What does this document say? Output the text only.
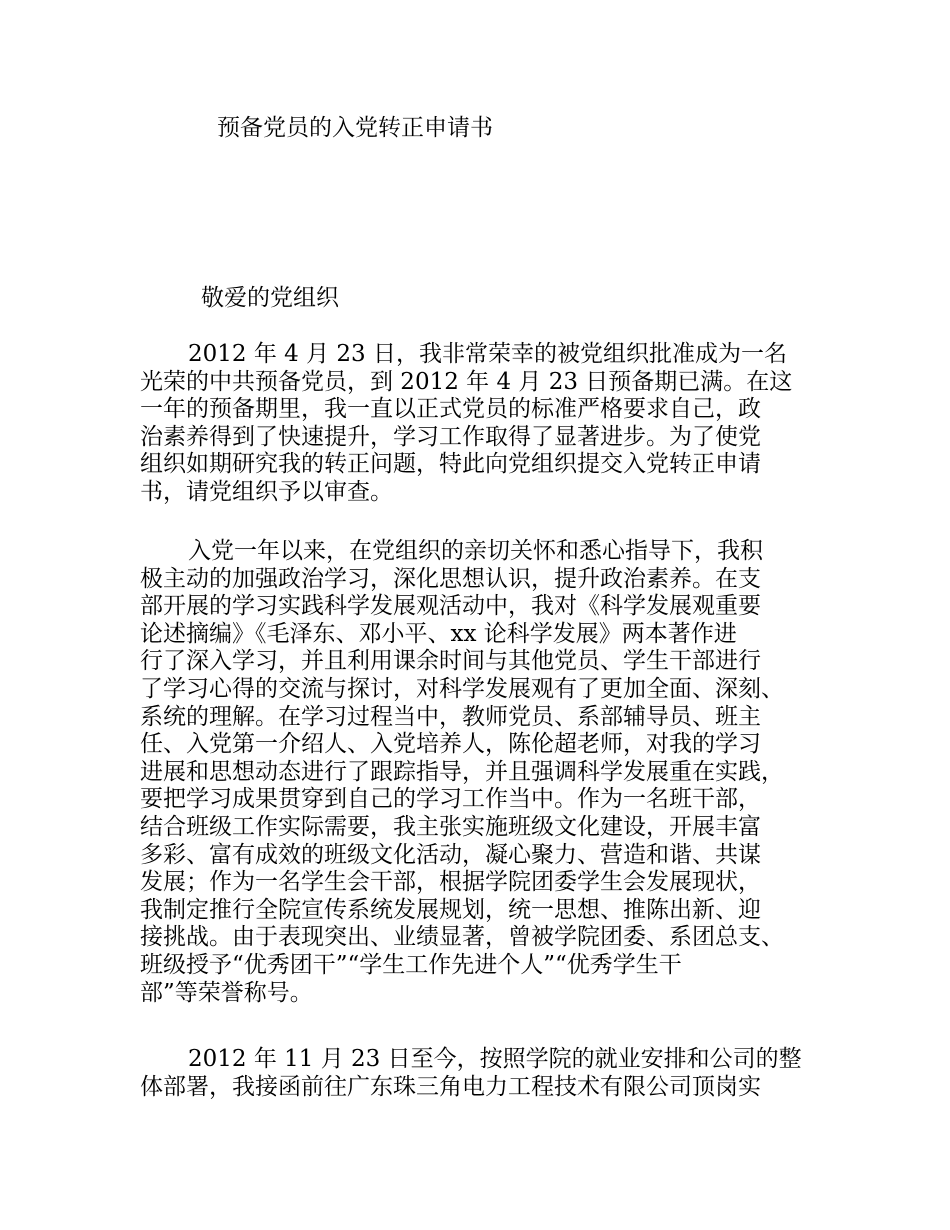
预备党员的入党转正申请书
敬爱的党组织
2012 年 4 月 23 日，我非常荣幸的被党组织批准成为一名
光荣的中共预备党员，到 2012 年 4 月 23 日预备期已满。在这
一年的预备期里，我一直以正式党员的标准严格要求自己，政
治素养得到了快速提升，学习工作取得了显著进步。为了使党
组织如期研究我的转正问题，特此向党组织提交入党转正申请
书，请党组织予以审查。
入党一年以来，在党组织的亲切关怀和悉心指导下，我积
极主动的加强政治学习，深化思想认识，提升政治素养。在支
部开展的学习实践科学发展观活动中，我对《科学发展观重要
论述摘编》《毛泽东、邓小平、xx 论科学发展》两本著作进
行了深入学习，并且利用课余时间与其他党员、学生干部进行
了学习心得的交流与探讨，对科学发展观有了更加全面、深刻、
系统的理解。在学习过程当中，教师党员、系部辅导员、班主
任、入党第一介绍人、入党培养人，陈伦超老师，对我的学习
进展和思想动态进行了跟踪指导，并且强调科学发展重在实践，
要把学习成果贯穿到自己的学习工作当中。作为一名班干部，
结合班级工作实际需要，我主张实施班级文化建设，开展丰富
多彩、富有成效的班级文化活动，凝心聚力、营造和谐、共谋
发展；作为一名学生会干部，根据学院团委学生会发展现状，
我制定推行全院宣传系统发展规划，统一思想、推陈出新、迎
接挑战。由于表现突出、业绩显著，曾被学院团委、系团总支、
班级授予“优秀团干”“学生工作先进个人”“优秀学生干
部”等荣誉称号。
2012 年 11 月 23 日至今，按照学院的就业安排和公司的整
体部署，我接函前往广东珠三角电力工程技术有限公司顶岗实
